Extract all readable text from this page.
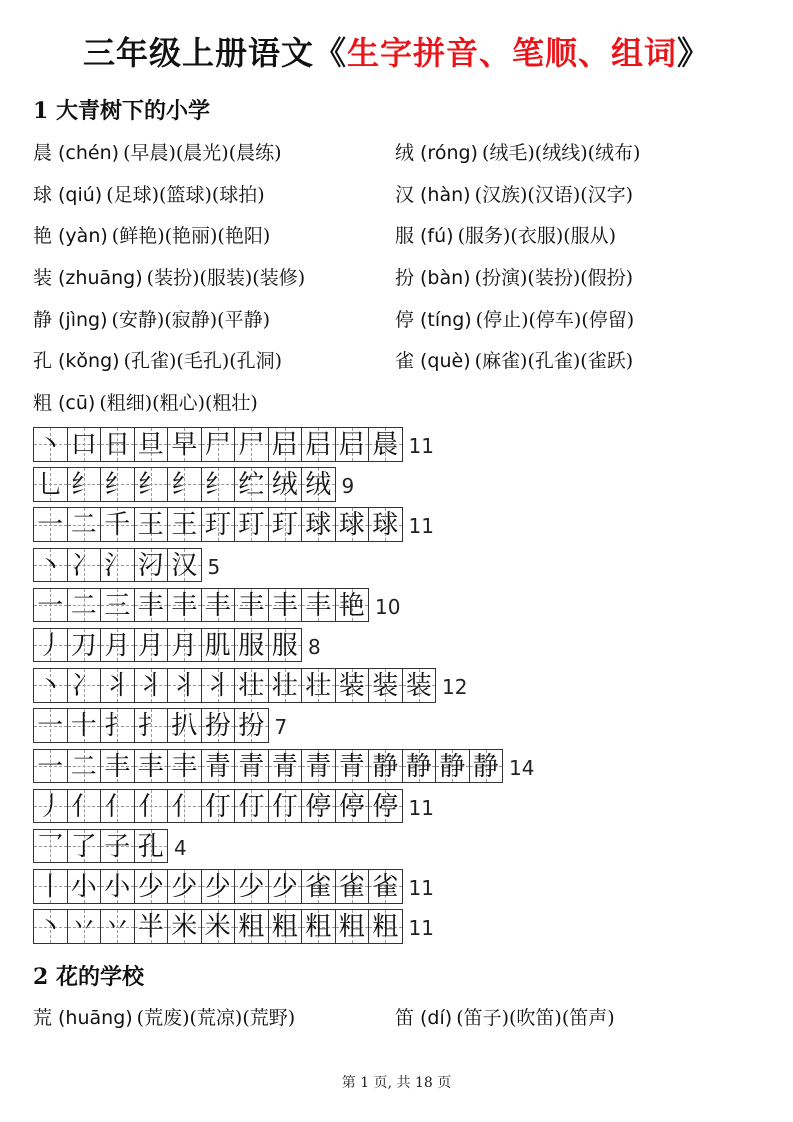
三年级上册语文《生字拼音、笔顺、组词》
1 大青树下的小学
晨 (chén) (早晨)(晨光)(晨练)	绒 (róng) (绒毛)(绒线)(绒布)
球 (qiú) (足球)(篮球)(球拍)	汉 (hàn) (汉族)(汉语)(汉字)
艳 (yàn) (鲜艳)(艳丽)(艳阳)	服 (fú) (服务)(衣服)(服从)
装 (zhuāng) (装扮)(服装)(装修)	扮 (bàn) (扮演)(装扮)(假扮)
静 (jìng) (安静)(寂静)(平静)	停 (tíng) (停止)(停车)(停留)
孔 (kǒng) (孔雀)(毛孔)(孔洞)	雀 (què) (麻雀)(孔雀)(雀跃)
粗 (cū) (粗细)(粗心)(粗壮)
丶 口 日 旦 早 尸 尸 𡰪 𡰪 𡰪 晨 11
乚 纟 纟 纟 纟 纟 纻 绒 绒 9
一 二 千 王 王 玎 玎 玎 球 球 球 11
丶 冫 氵 汈 汉 5
一 二 三 丰 丰 丰 丰 丰 丰 艳 10
丿 刀 月 月 月 肌 服 服 8
丶 冫 丬 丬 丬 丬 壮 壮 壮 装 装 装 12
一 十 扌 扌 扒 扮 扮 7
一 二 丰 丰 丰 青 青 青 青 青 静 静 静 静 14
丿 亻 亻 亻 亻 仃 仃 仃 停 停 停 11
乛 了 子 孔 4
丨 小 小 少 少 少 少 少 雀 雀 雀 11
丶 丷 丷 半 米 米 粗 粗 粗 粗 粗 11
2 花的学校
荒 (huāng) (荒废)(荒凉)(荒野)	笛 (dí) (笛子)(吹笛)(笛声)
第 1 页, 共 18 页
